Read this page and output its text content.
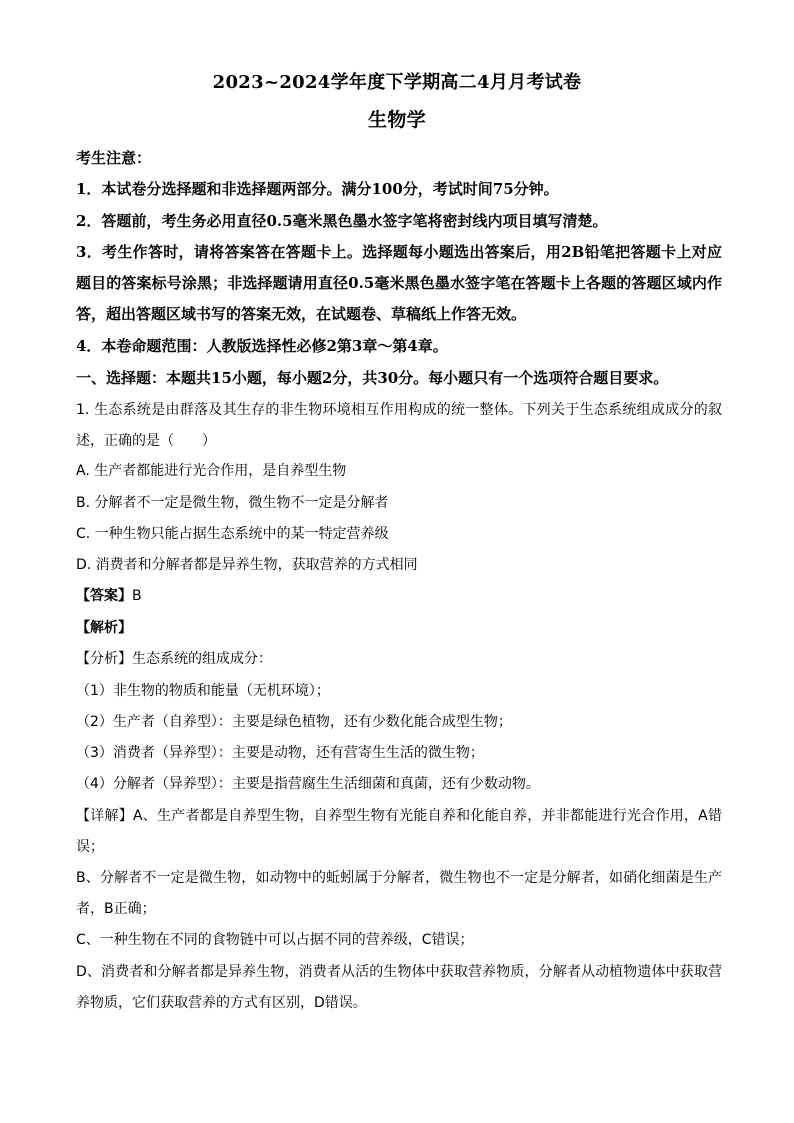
2023~2024学年度下学期高二4月月考试卷
生物学

考生注意：

1．本试卷分选择题和非选择题两部分。满分100分，考试时间75分钟。

2．答题前，考生务必用直径0.5毫米黑色墨水签字笔将密封线内项目填写清楚。

3．考生作答时，请将答案答在答题卡上。选择题每小题选出答案后，用2B铅笔把答题卡上对应题目的答案标号涂黑；非选择题请用直径0.5毫米黑色墨水签字笔在答题卡上各题的答题区域内作答，超出答题区域书写的答案无效，在试题卷、草稿纸上作答无效。

4．本卷命题范围：人教版选择性必修2第3章～第4章。

一、选择题：本题共15小题，每小题2分，共30分。每小题只有一个选项符合题目要求。

1. 生态系统是由群落及其生存的非生物环境相互作用构成的统一整体。下列关于生态系统组成成分的叙述，正确的是（　　）

A. 生产者都能进行光合作用，是自养型生物

B. 分解者不一定是微生物，微生物不一定是分解者

C. 一种生物只能占据生态系统中的某一特定营养级

D. 消费者和分解者都是异养生物，获取营养的方式相同

【答案】B

【解析】

【分析】生态系统的组成成分：

（1）非生物的物质和能量（无机环境）；

（2）生产者（自养型）：主要是绿色植物，还有少数化能合成型生物；

（3）消费者（异养型）：主要是动物，还有营寄生生活的微生物；

（4）分解者（异养型）：主要是指营腐生生活细菌和真菌，还有少数动物。

【详解】A、生产者都是自养型生物，自养型生物有光能自养和化能自养，并非都能进行光合作用，A错误；

B、分解者不一定是微生物，如动物中的蚯蚓属于分解者，微生物也不一定是分解者，如硝化细菌是生产者，B正确；

C、一种生物在不同的食物链中可以占据不同的营养级，C错误；

D、消费者和分解者都是异养生物，消费者从活的生物体中获取营养物质，分解者从动植物遗体中获取营养物质，它们获取营养的方式有区别，D错误。
